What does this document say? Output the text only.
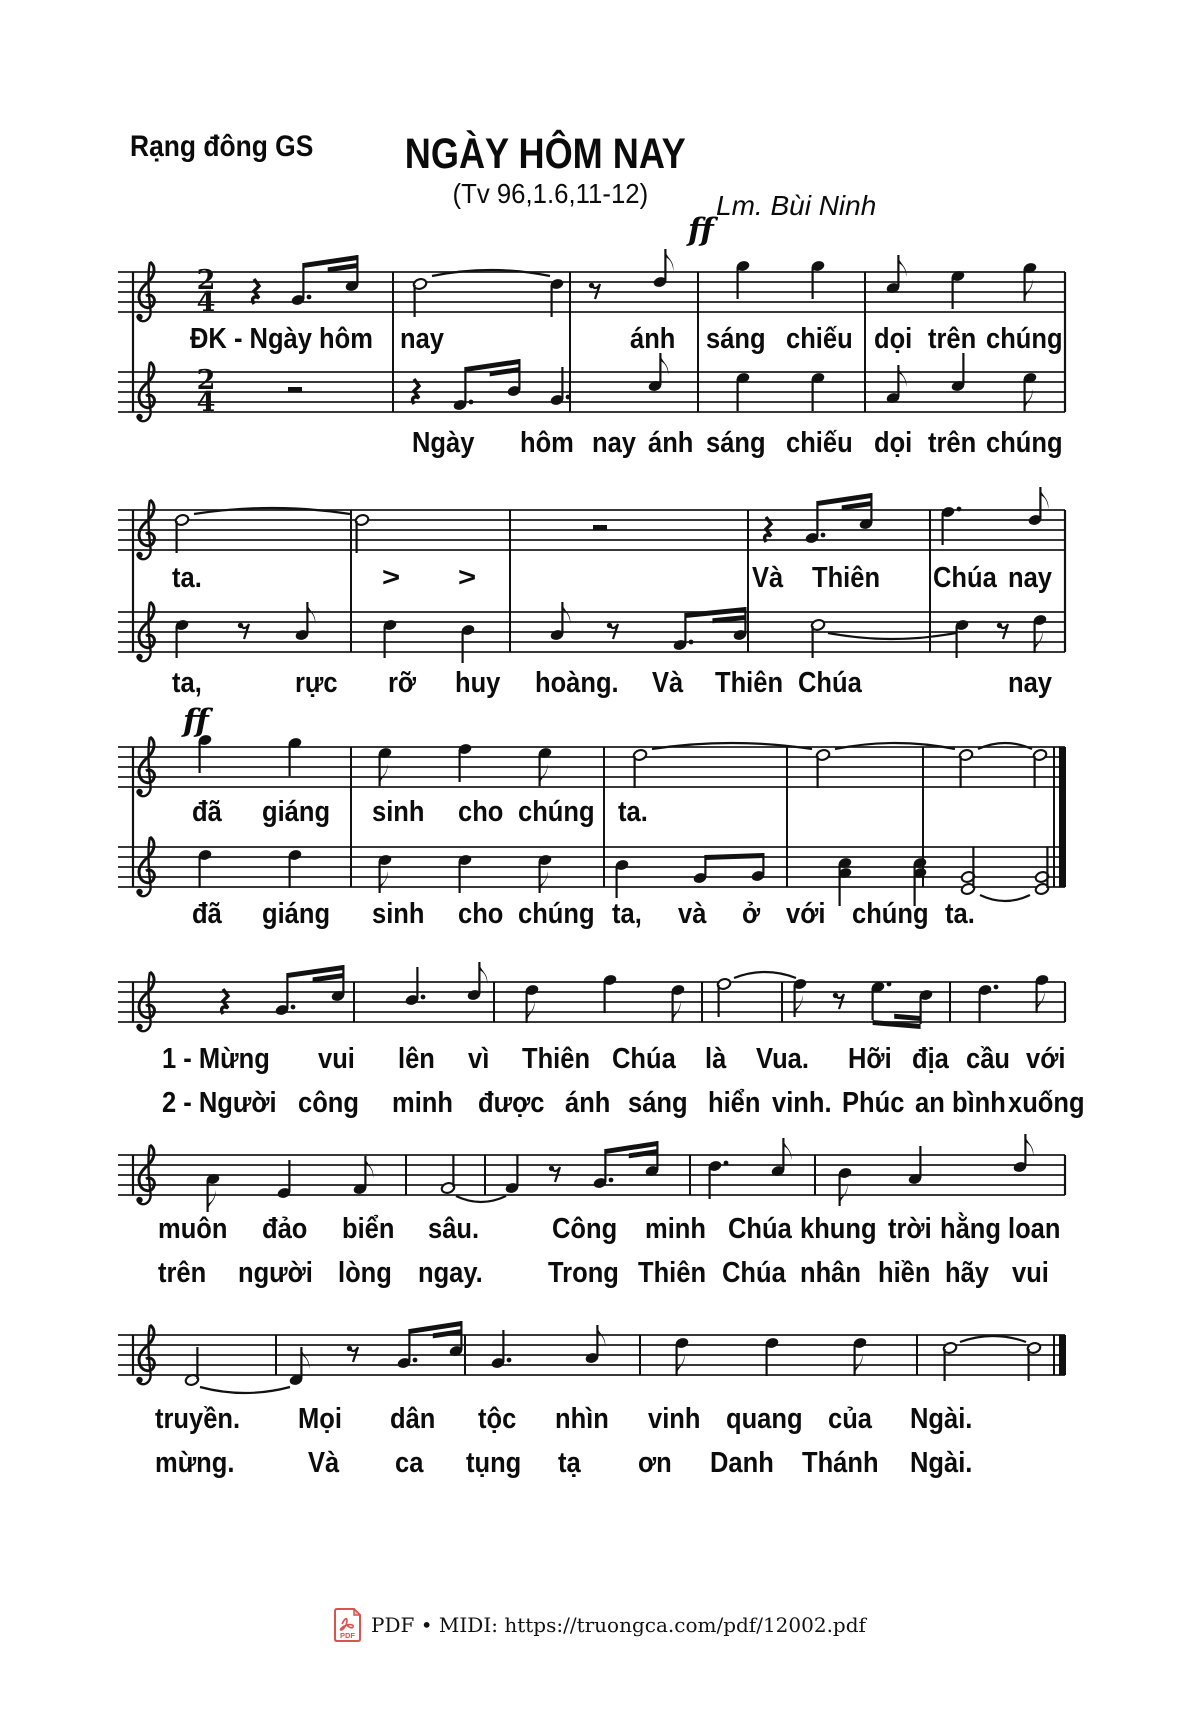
Rạng đông GS	NGÀY HÔM NAY
(Tv 96,1.6,11-12)	Lm. Bùi Ninh
2
4
2
4
PDF PDF • MIDI: https://truongca.com/pdf/12002.pdf
ff
ff
ĐK - Ngày hôm nay	ánh sáng chiếu dọi trên chúng
Ngày hôm nay ánh sáng chiếu dọi trên chúng
ta.	> >	Và Thiên Chúa nay
ta,	rực rỡ huy hoàng. Và Thiên Chúa	nay
đã giáng sinh cho chúng ta.
đã giáng sinh cho chúng ta, và ở với chúng ta.
1 - Mừng vui lên vì Thiên Chúa là Vua. Hỡi địa cầu với
2 - Người công minh được ánh sáng hiển vinh. Phúc an bình xuống
muôn đảo biển sâu.	Công minh Chúa khung trời hằng loan
trên người lòng ngay. Trong Thiên Chúa nhân hiền hãy vui
truyền. Mọi dân tộc nhìn vinh quang của Ngài.
mừng.	Và ca tụng tạ ơn Danh Thánh Ngài.
